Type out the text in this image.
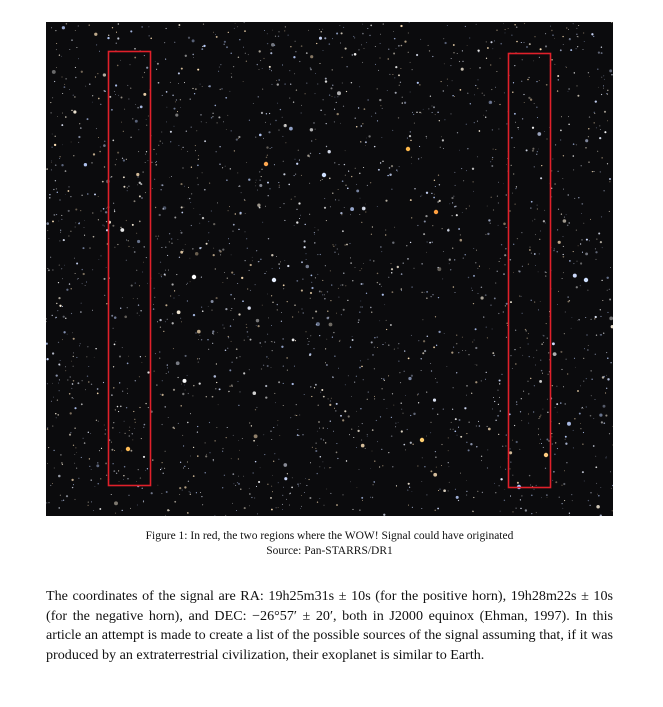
Figure 1: In red, the two regions where the WOW! Signal could have originated
Source: Pan-STARRS/DR1
The coordinates of the signal are RA: 19h25m31s ± 10s (for the positive horn), 19h28m22s ± 10s (for the negative horn), and DEC: −26°57′ ± 20′, both in J2000 equinox (Ehman, 1997). In this article an attempt is made to create a list of the possible sources of the signal assuming that, if it was produced by an extraterrestrial civilization, their exoplanet is similar to Earth.
